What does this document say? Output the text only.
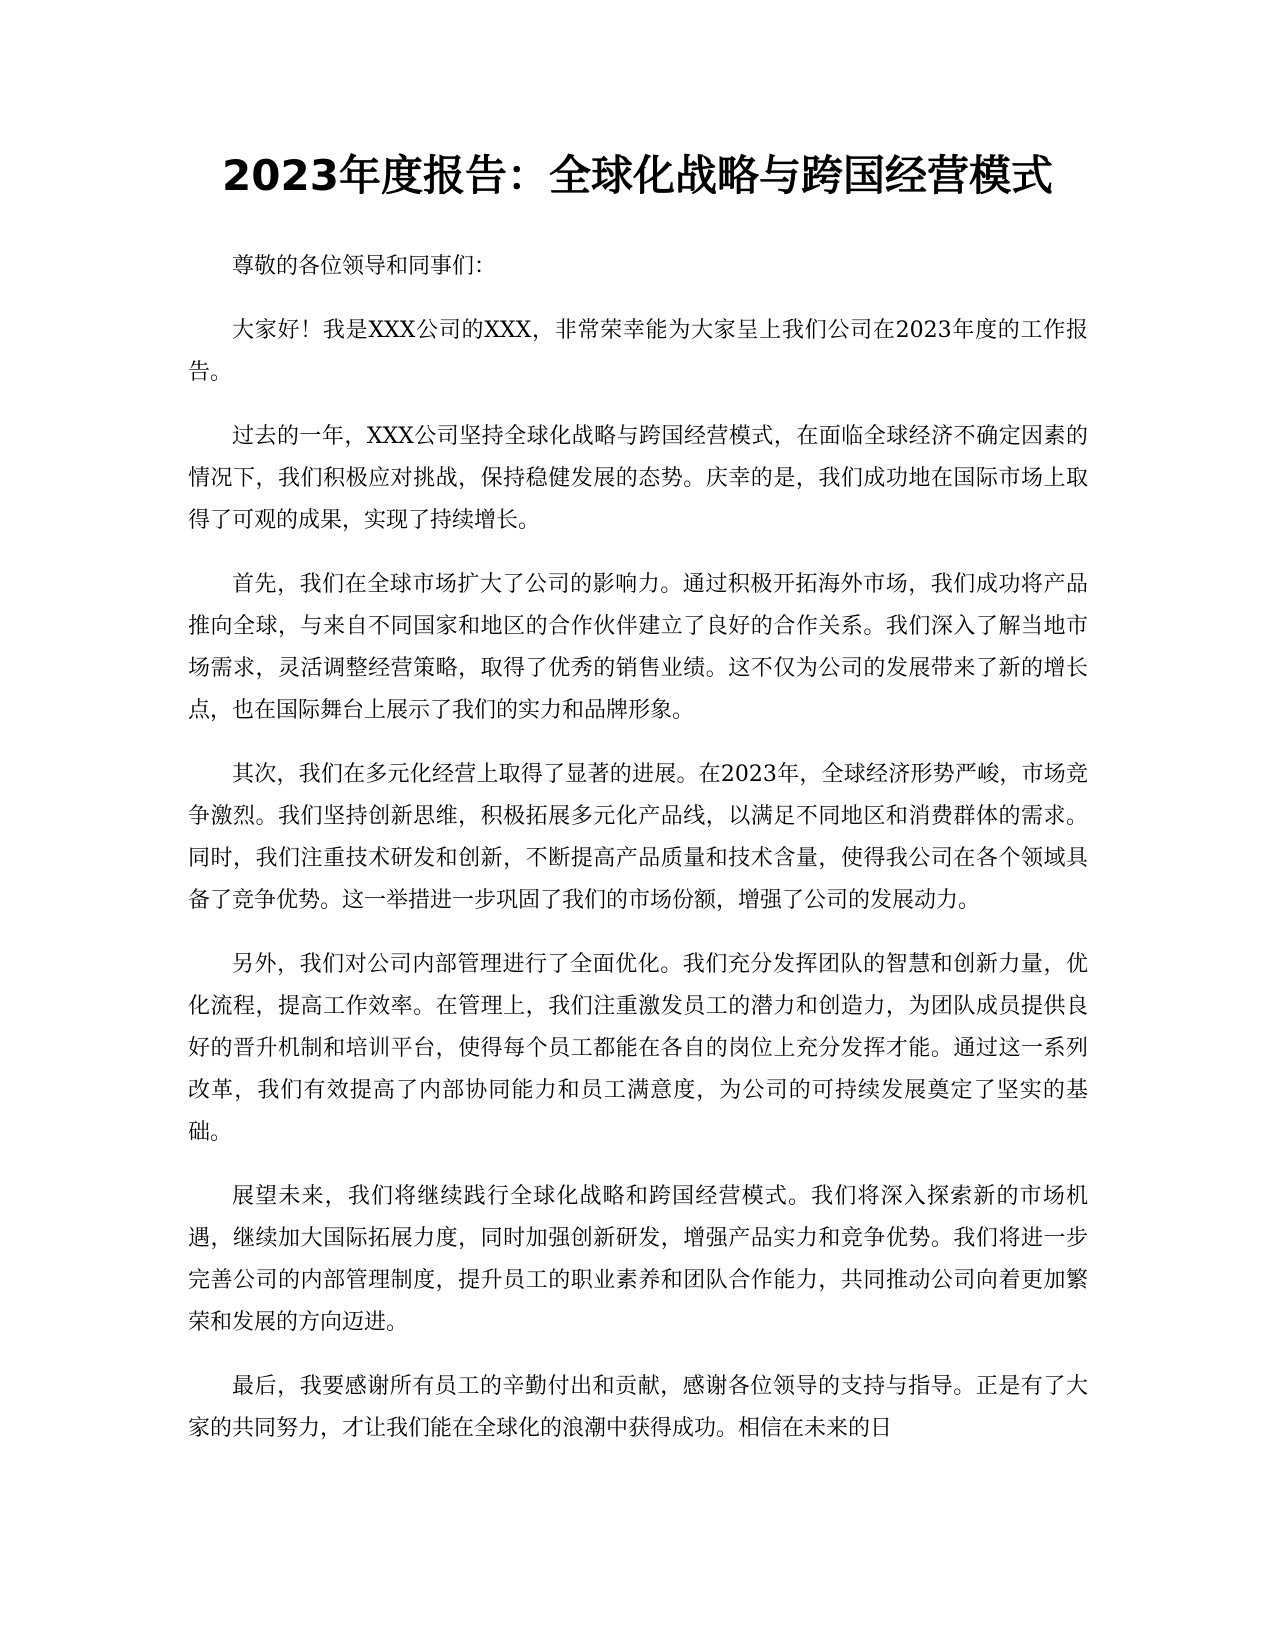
2023年度报告：全球化战略与跨国经营模式

尊敬的各位领导和同事们：

大家好！我是XXX公司的XXX，非常荣幸能为大家呈上我们公司在2023年度的工作报告。

过去的一年，XXX公司坚持全球化战略与跨国经营模式，在面临全球经济不确定因素的情况下，我们积极应对挑战，保持稳健发展的态势。庆幸的是，我们成功地在国际市场上取得了可观的成果，实现了持续增长。

首先，我们在全球市场扩大了公司的影响力。通过积极开拓海外市场，我们成功将产品推向全球，与来自不同国家和地区的合作伙伴建立了良好的合作关系。我们深入了解当地市场需求，灵活调整经营策略，取得了优秀的销售业绩。这不仅为公司的发展带来了新的增长点，也在国际舞台上展示了我们的实力和品牌形象。

其次，我们在多元化经营上取得了显著的进展。在2023年，全球经济形势严峻，市场竞争激烈。我们坚持创新思维，积极拓展多元化产品线，以满足不同地区和消费群体的需求。同时，我们注重技术研发和创新，不断提高产品质量和技术含量，使得我公司在各个领域具备了竞争优势。这一举措进一步巩固了我们的市场份额，增强了公司的发展动力。

另外，我们对公司内部管理进行了全面优化。我们充分发挥团队的智慧和创新力量，优化流程，提高工作效率。在管理上，我们注重激发员工的潜力和创造力，为团队成员提供良好的晋升机制和培训平台，使得每个员工都能在各自的岗位上充分发挥才能。通过这一系列改革，我们有效提高了内部协同能力和员工满意度，为公司的可持续发展奠定了坚实的基础。

展望未来，我们将继续践行全球化战略和跨国经营模式。我们将深入探索新的市场机遇，继续加大国际拓展力度，同时加强创新研发，增强产品实力和竞争优势。我们将进一步完善公司的内部管理制度，提升员工的职业素养和团队合作能力，共同推动公司向着更加繁荣和发展的方向迈进。

最后，我要感谢所有员工的辛勤付出和贡献，感谢各位领导的支持与指导。正是有了大家的共同努力，才让我们能在全球化的浪潮中获得成功。相信在未来的日
